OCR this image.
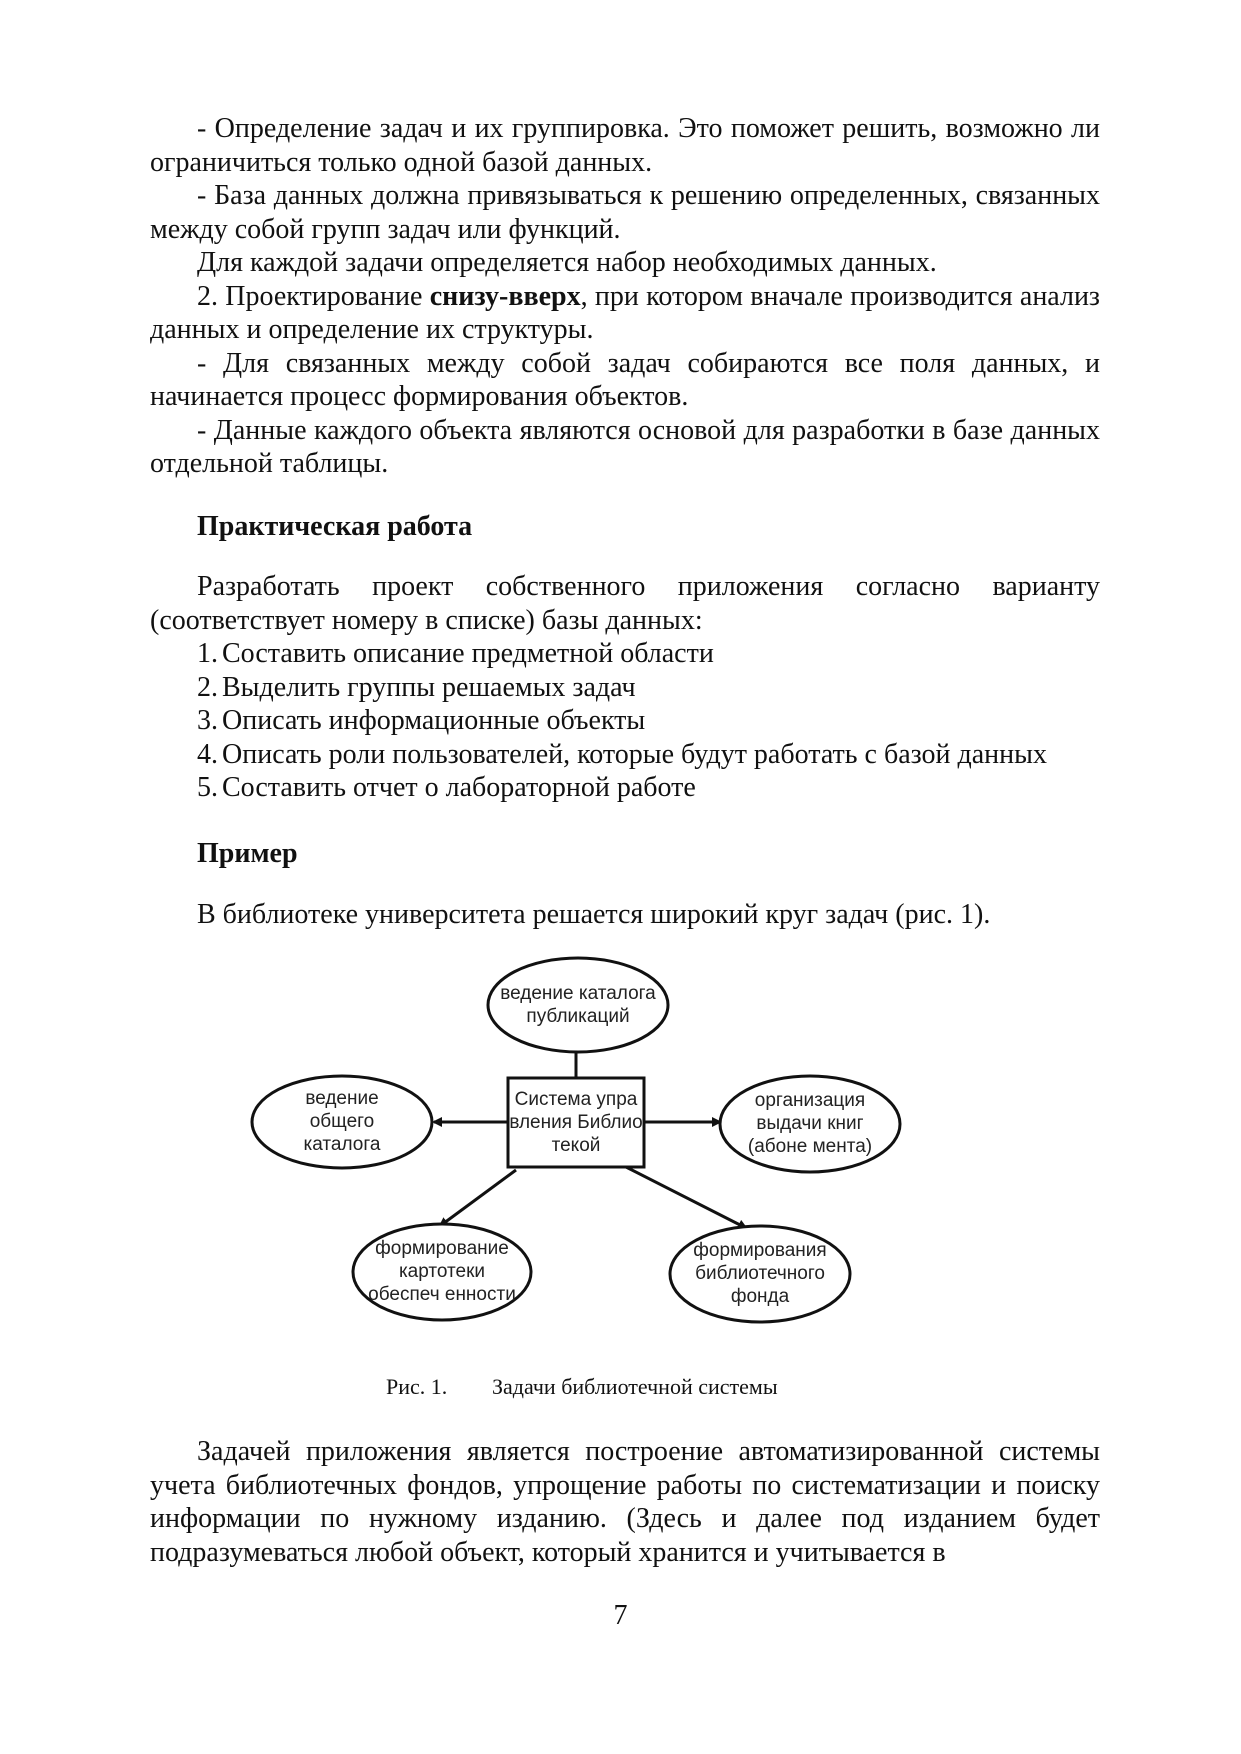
- Определение задач и их группировка. Это поможет решить, возможно ли ограничиться только одной базой данных.

- База данных должна привязываться к решению определенных, связанных между собой групп задач или функций.

Для каждой задачи определяется набор необходимых данных.

2. Проектирование снизу-вверх, при котором вначале производится анализ данных и определение их структуры.

- Для связанных между собой задач собираются все поля данных, и начинается процесс формирования объектов.

- Данные каждого объекта являются основой для разработки в базе данных отдельной таблицы.

Практическая работа

Разработать проект собственного приложения согласно варианту (соответствует номеру в списке) базы данных:

1. Составить описание предметной области
2. Выделить группы решаемых задач
3. Описать информационные объекты
4. Описать роли пользователей, которые будут работать с базой данных
5. Составить отчет о лабораторной работе
Пример

В библиотеке университета решается широкий круг задач (рис. 1).

Система упра вления Библио текой
ведение каталога публикаций
ведение общего каталога
организация выдачи книг (абоне мента)
формирование картотеки обеспеч енности
формирования библиотечного фонда
Рис. 1. Задачи библиотечной системы

Задачей приложения является построение автоматизированной системы учета библиотечных фондов, упрощение работы по систематизации и поиску информации по нужному изданию. (Здесь и далее под изданием будет подразумеваться любой объект, который хранится и учитывается в

7
